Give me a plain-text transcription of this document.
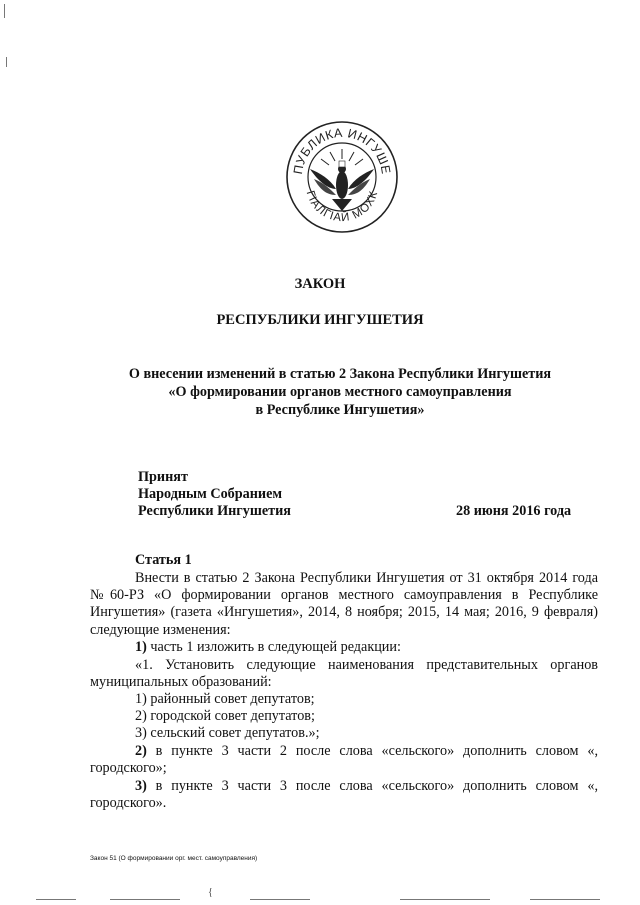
ПУБЛИКА ИНГУШЕ
ГІАЛГІАЙ МОХК
ЗАКОН
РЕСПУБЛИКИ ИНГУШЕТИЯ
О внесении изменений в статью 2 Закона Республики Ингушетия
«О формировании органов местного самоуправления
в Республике Ингушетия»
Принят
Народным Собранием
Республики Ингушетия	28 июня 2016 года
Статья 1
Внести в статью 2 Закона Республики Ингушетия от 31 октября 2014 года №60-РЗ «О формировании органов местного самоуправления в Республике Ингушетия» (газета «Ингушетия», 2014, 8 ноября; 2015, 14 мая; 2016, 9 февраля) следующие изменения:
1) часть 1 изложить в следующей редакции:
«1. Установить следующие наименования представительных органов муниципальных образований:
1) районный совет депутатов;
2) городской совет депутатов;
3) сельский совет депутатов.»;
2) в пункте 3 части 2 после слова «сельского» дополнить словом «, городского»;
3) в пункте 3 части 3 после слова «сельского» дополнить словом «, городского».
Закон 51 (О формировании орг. мест. самоуправления)
{
